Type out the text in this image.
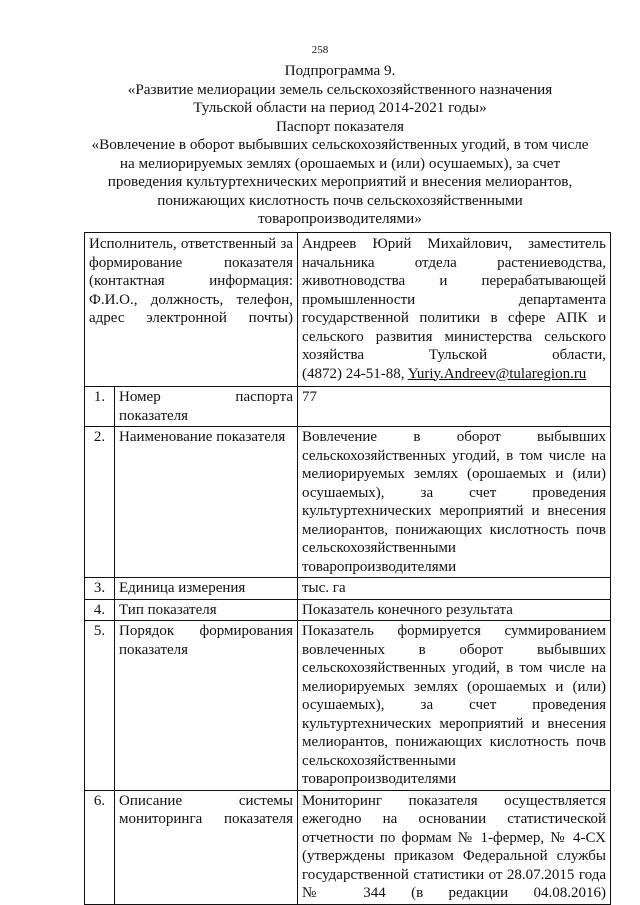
258
Подпрограмма 9.
«Развитие мелиорации земель сельскохозяйственного назначения
Тульской области на период 2014-2021 годы»
Паспорт показателя
«Вовлечение в оборот выбывших сельскохозяйственных угодий, в том числе
на мелиорируемых землях (орошаемых и (или) осушаемых), за счет
проведения культуртехнических мероприятий и внесения мелиорантов,
понижающих кислотность почв сельскохозяйственными
товаропроизводителями»
Исполнитель, ответственный за формирование показателя (контактная информация: Ф.И.О., должность, телефон, адрес электронной почты)		Андреев Юрий Михайлович, заместитель начальника отдела растениеводства, животноводства и перерабатывающей промышленности департамента государственной политики в сфере АПК и сельского развития министерства сельского хозяйства Тульской области,
(4872) 24-51-88, Yuriy.Andreev@tularegion.ru

1.	Номер паспорта показателя	77
2.	Наименование показателя	Вовлечение в оборот выбывших сельскохозяйственных угодий, в том числе на мелиорируемых землях (орошаемых и (или) осушаемых), за счет проведения культуртехнических мероприятий и внесения мелиорантов, понижающих кислотность почв сельскохозяйственными товаропроизводителями
3.	Единица измерения	тыс. га
4.	Тип показателя	Показатель конечного результата
5.	Порядок формирования показателя	Показатель формируется суммированием вовлеченных в оборот выбывших сельскохозяйственных угодий, в том числе на мелиорируемых землях (орошаемых и (или) осушаемых), за счет проведения культуртехнических мероприятий и внесения мелиорантов, понижающих кислотность почв сельскохозяйственными товаропроизводителями
6.	Описание системы мониторинга показателя	Мониторинг показателя осуществляется ежегодно на основании статистической отчетности по формам № 1-фермер, № 4-СХ (утверждены приказом Федеральной службы государственной статистики от 28.07.2015 года № 344 (в редакции 04.08.2016)
